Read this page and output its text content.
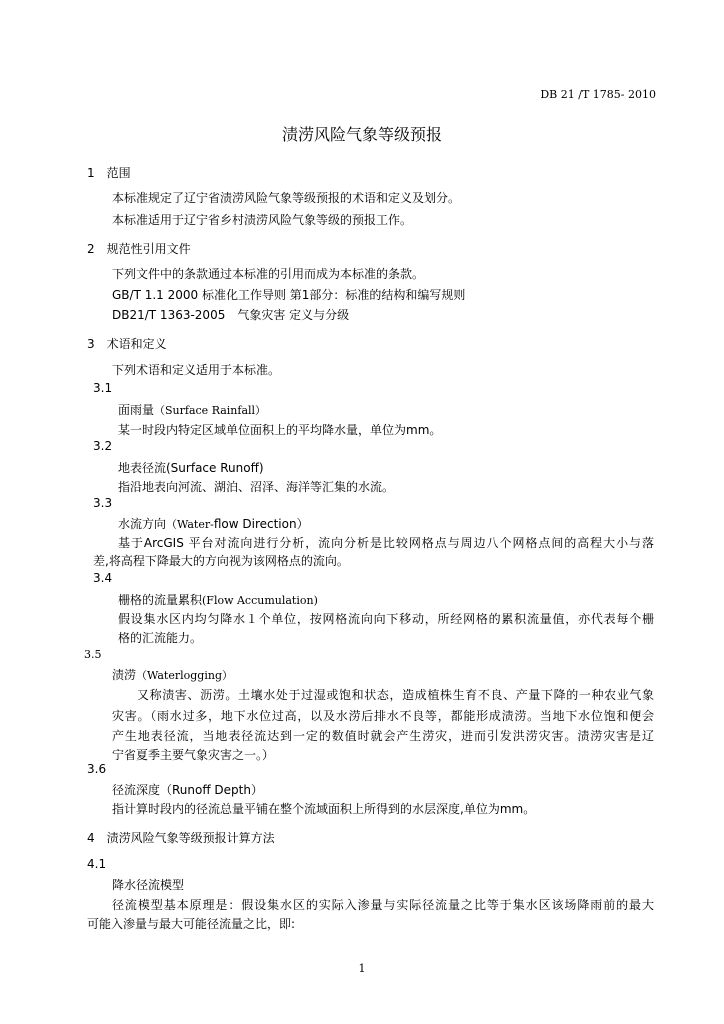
DB 21 /T 1785- 2010
渍涝风险气象等级预报
1　范围
本标准规定了辽宁省渍涝风险气象等级预报的术语和定义及划分。
本标准适用于辽宁省乡村渍涝风险气象等级的预报工作。
2　规范性引用文件
下列文件中的条款通过本标准的引用而成为本标准的条款。
GB/T 1.1 2000 标准化工作导则 第1部分：标准的结构和编写规则
DB21/T 1363-2005　气象灾害 定义与分级
3　术语和定义
下列术语和定义适用于本标准。
3.1
面雨量（Surface Rainfall）
某一时段内特定区域单位面积上的平均降水量，单位为mm。
3.2
地表径流(Surface Runoff)
指沿地表向河流、湖泊、沼泽、海洋等汇集的水流。
3.3
水流方向（Water-flow Direction）
基于ArcGIS 平台对流向进行分析，流向分析是比较网格点与周边八个网格点间的高程大小与落
差,将高程下降最大的方向视为该网格点的流向。
3.4
栅格的流量累积(Flow Accumulation)
假设集水区内均匀降水１个单位，按网格流向向下移动，所经网格的累积流量值，亦代表每个栅
格的汇流能力。
3.5
渍涝（Waterlogging）
又称渍害、沥涝。土壤水处于过湿或饱和状态，造成植株生育不良、产量下降的一种农业气象
灾害。（雨水过多，地下水位过高，以及水涝后排水不良等，都能形成渍涝。当地下水位饱和便会
产生地表径流，当地表径流达到一定的数值时就会产生涝灾，进而引发洪涝灾害。渍涝灾害是辽
宁省夏季主要气象灾害之一。）
3.6
径流深度（Runoff Depth）
指计算时段内的径流总量平铺在整个流域面积上所得到的水层深度,单位为mm。
4　渍涝风险气象等级预报计算方法
4.1
降水径流模型
径流模型基本原理是：假设集水区的实际入渗量与实际径流量之比等于集水区该场降雨前的最大
可能入渗量与最大可能径流量之比，即:
1
